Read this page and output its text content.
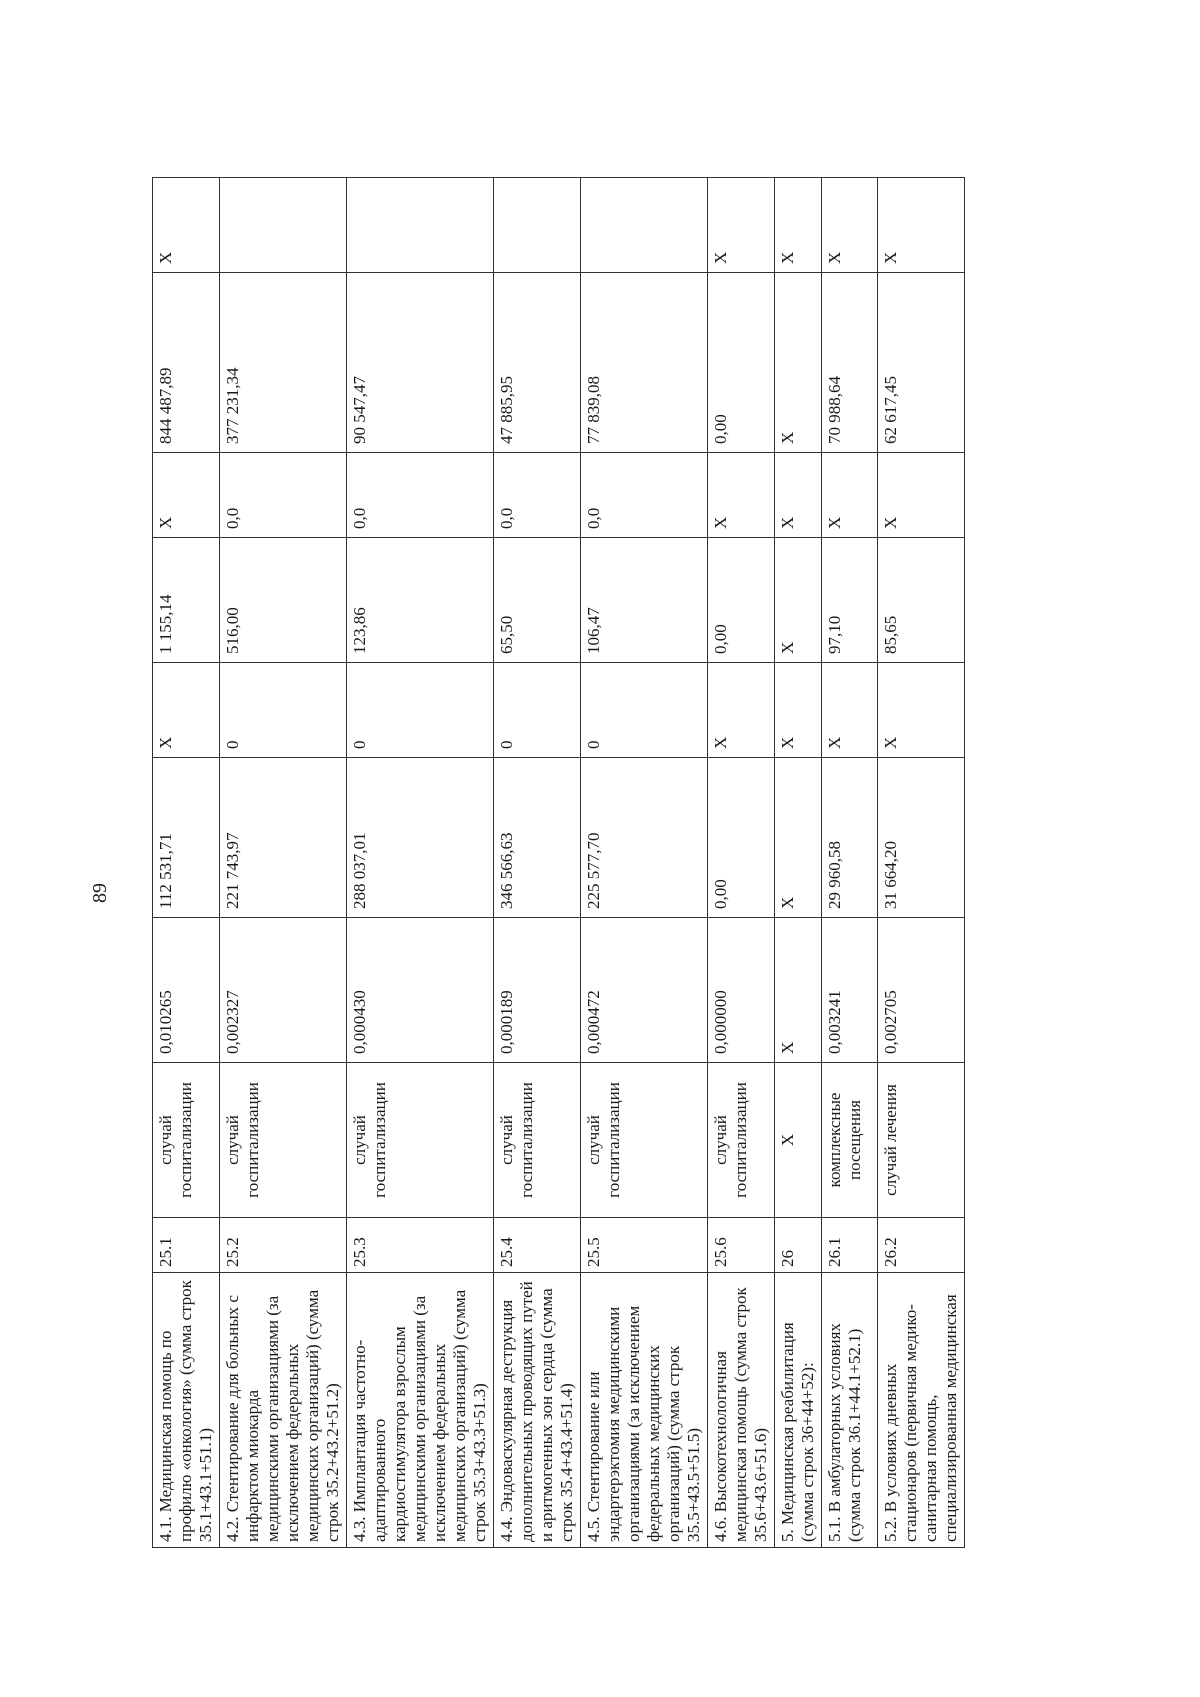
89
4.1. Медицинская помощь по профилю «онкология» (сумма строк 35.1+43.1+51.1)	25.1	случай госпитализации	0,010265	112 531,71	X	1 155,14	X	844 487,89	X
4.2. Стентирование для больных с инфарктом миокарда медицинскими организациями (за исключением федеральных медицинских организаций) (сумма строк 35.2+43.2+51.2)	25.2	случай госпитализации	0,002327	221 743,97	0	516,00	0,0	377 231,34	
4.3. Имплантация частотно-адаптированного кардиостимулятора взрослым медицинскими организациями (за исключением федеральных медицинских организаций) (сумма строк 35.3+43.3+51.3)	25.3	случай госпитализации	0,000430	288 037,01	0	123,86	0,0	90 547,47	
4.4. Эндоваскулярная деструкция дополнительных проводящих путей и аритмогенных зон сердца (сумма строк 35.4+43.4+51.4)	25.4	случай госпитализации	0,000189	346 566,63	0	65,50	0,0	47 885,95	
4.5. Стентирование или эндартерэктомия медицинскими организациями (за исключением федеральных медицинских организаций) (сумма строк 35.5+43.5+51.5)	25.5	случай госпитализации	0,000472	225 577,70	0	106,47	0,0	77 839,08	
4.6. Высокотехнологичная медицинская помощь (сумма строк 35.6+43.6+51.6)	25.6	случай госпитализации	0,000000	0,00	X	0,00	X	0,00	X
5. Медицинская реабилитация (сумма строк 36+44+52):	26	X	X	X	X	X	X	X	X
5.1. В амбулаторных условиях (сумма строк 36.1+44.1+52.1)	26.1	комплексные посещения	0,003241	29 960,58	X	97,10	X	70 988,64	X
5.2. В условиях дневных стационаров (первичная медико-санитарная помощь, специализированная медицинская	26.2	случай лечения	0,002705	31 664,20	X	85,65	X	62 617,45	X
